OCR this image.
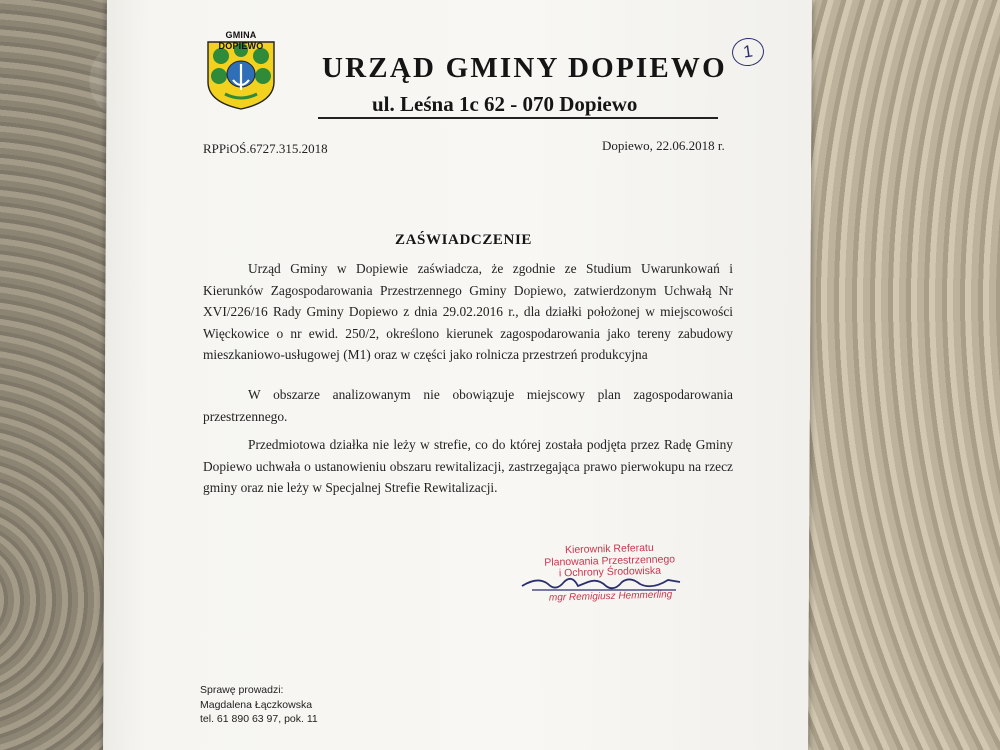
GMINA DOPIEWO
URZĄD GMINY DOPIEWO
ul. Leśna 1c 62 - 070 Dopiewo
1
RPPiOŚ.6727.315.2018	Dopiewo, 22.06.2018 r.
ZAŚWIADCZENIE
Urząd Gminy w Dopiewie zaświadcza, że zgodnie ze Studium Uwarunkowań i Kierunków Zagospodarowania Przestrzennego Gminy Dopiewo, zatwierdzonym Uchwałą Nr XVI/226/16 Rady Gminy Dopiewo z dnia 29.02.2016 r., dla działki położonej w miejscowości Więckowice o nr ewid. 250/2, określono kierunek zagospodarowania jako tereny zabudowy mieszkaniowo-usługowej (M1) oraz w części jako rolnicza przestrzeń produkcyjna
W obszarze analizowanym nie obowiązuje miejscowy plan zagospodarowania przestrzennego.
Przedmiotowa działka nie leży w strefie, co do której została podjęta przez Radę Gminy Dopiewo uchwała o ustanowieniu obszaru rewitalizacji, zastrzegająca prawo pierwokupu na rzecz gminy oraz nie leży w Specjalnej Strefie Rewitalizacji.
Kierownik Referatu
Planowania Przestrzennego
i Ochrony Środowiska
mgr Remigiusz Hemmerling
Sprawę prowadzi:
Magdalena Łączkowska
tel. 61 890 63 97, pok. 11
